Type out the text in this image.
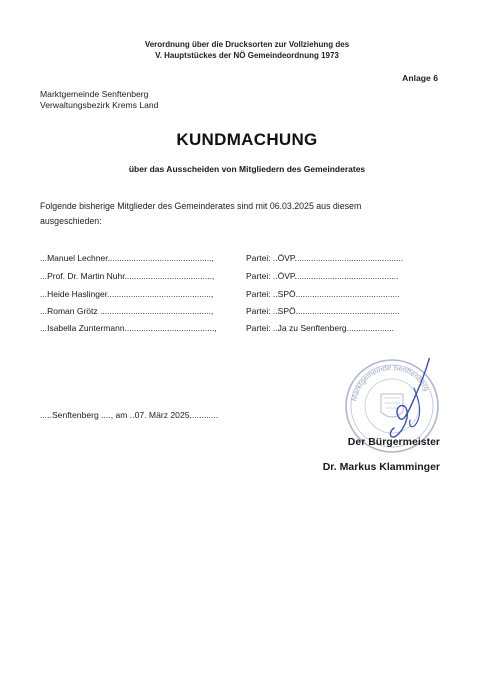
Verordnung über die Drucksorten zur Vollziehung des
V. Hauptstückes der NÖ Gemeindeordnung 1973
Anlage 6
Marktgemeinde Senftenberg
Verwaltungsbezirk Krems Land
KUNDMACHUNG
über das Ausscheiden von Mitgliedern des Gemeinderates
Folgende bisherige Mitglieder des Gemeinderates sind mit 06.03.2025 aus diesem
ausgeschieden:
...Manuel Lechner............................................,	Partei: ..ÖVP..............................................
...Prof. Dr. Martin Nuhr.....................................,	Partei: ..ÖVP............................................
...Heide Haslinger............................................,	Partei: ..SPÖ............................................
...Roman Grötz ...............................................,	Partei: ..SPÖ............................................
...Isabella Zuntermann......................................,	Partei: ..Ja zu Senftenberg....................
Marktgemeinde Senftenberg
.....Senftenberg ...., am ..07. März 2025............
Der Bürgermeister
Dr. Markus Klamminger
